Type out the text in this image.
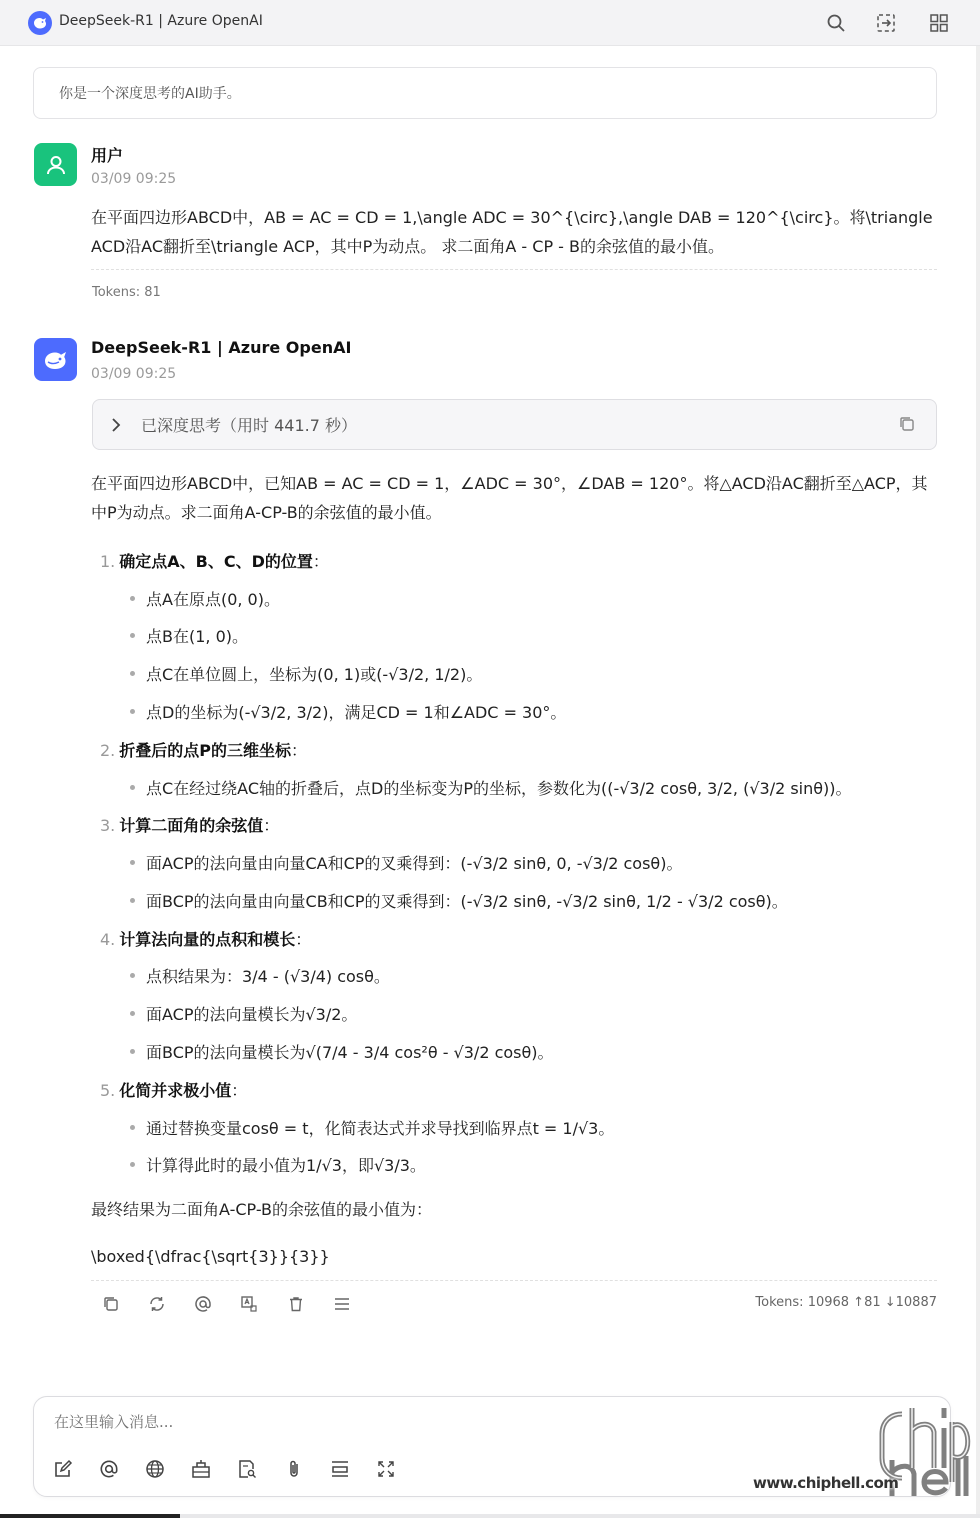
DeepSeek-R1 | Azure OpenAI
你是一个深度思考的AI助手。
用户
03/09 09:25
在平面四边形ABCD中，AB = AC = CD = 1,\angle ADC = 30^{\circ},\angle DAB = 120^{\circ}。将\triangle ACD沿AC翻折至\triangle ACP，其中P为动点。 求二面角A - CP - B的余弦值的最小值。
Tokens: 81
DeepSeek-R1 | Azure OpenAI
03/09 09:25
已深度思考（用时 441.7 秒）
在平面四边形ABCD中，已知AB = AC = CD = 1，∠ADC = 30°，∠DAB = 120°。将△ACD沿AC翻折至△ACP，其中P为动点。求二面角A-CP-B的余弦值的最小值。
1. 确定点A、B、C、D的位置：
点A在原点(0, 0)。
点B在(1, 0)。
点C在单位圆上，坐标为(0, 1)或(-√3/2, 1/2)。
点D的坐标为(-√3/2, 3/2)，满足CD = 1和∠ADC = 30°。
2. 折叠后的点P的三维坐标：
点C在经过绕AC轴的折叠后，点D的坐标变为P的坐标，参数化为((-√3/2 cosθ, 3/2, (√3/2 sinθ))。
3. 计算二面角的余弦值：
面ACP的法向量由向量CA和CP的叉乘得到：(-√3/2 sinθ, 0, -√3/2 cosθ)。
面BCP的法向量由向量CB和CP的叉乘得到：(-√3/2 sinθ, -√3/2 sinθ, 1/2 - √3/2 cosθ)。
4. 计算法向量的点积和模长：
点积结果为：3/4 - (√3/4) cosθ。
面ACP的法向量模长为√3/2。
面BCP的法向量模长为√(7/4 - 3/4 cos²θ - √3/2 cosθ)。
5. 化简并求极小值：
通过替换变量cosθ = t，化简表达式并求导找到临界点t = 1/√3。
计算得此时的最小值为1/√3，即√3/3。
最终结果为二面角A-CP-B的余弦值的最小值为：
\boxed{\dfrac{\sqrt{3}}{3}}
Tokens: 10968 ↑81 ↓10887
在这里输入消息...
www.chiphell.com
